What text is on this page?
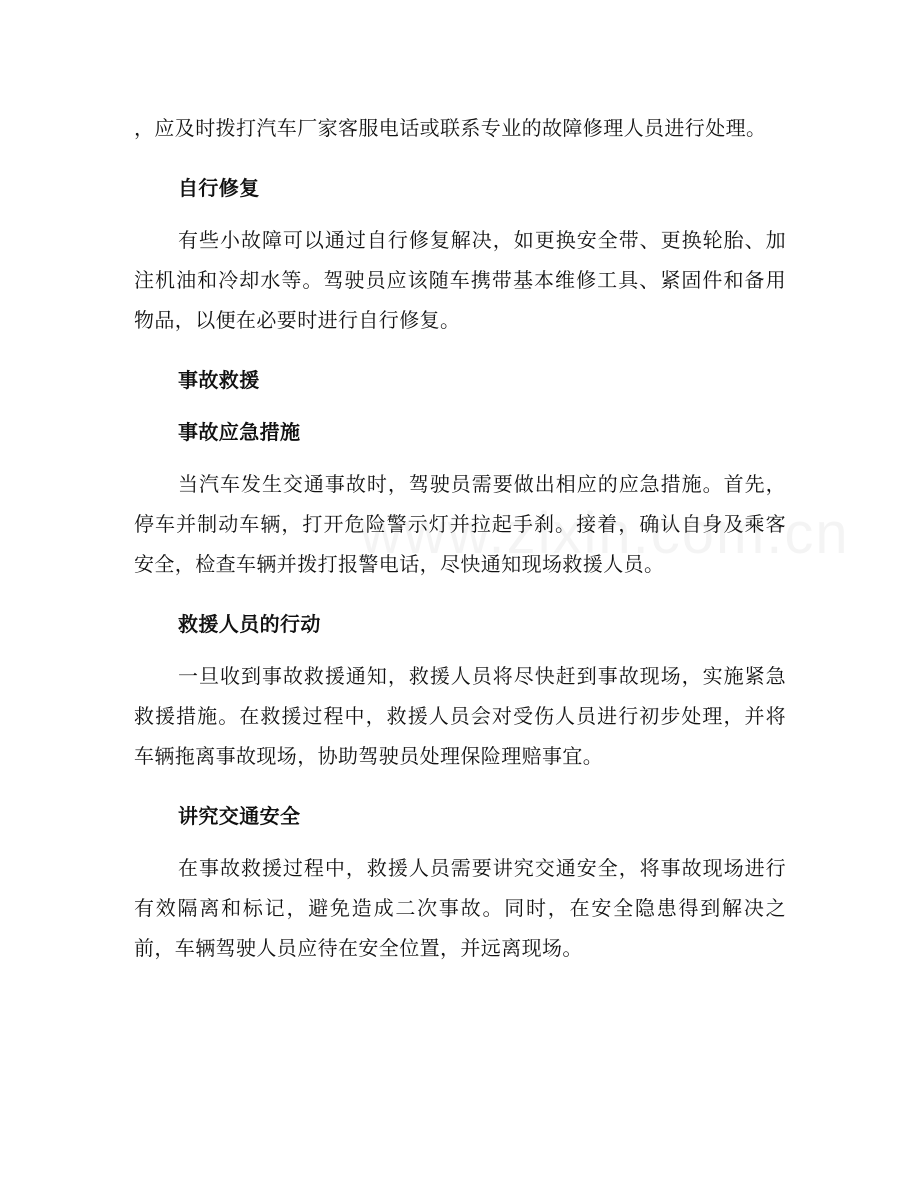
，应及时拨打汽车厂家客服电话或联系专业的故障修理人员进行处理。

自行修复

有些小故障可以通过自行修复解决，如更换安全带、更换轮胎、加注机油和冷却水等。驾驶员应该随车携带基本维修工具、紧固件和备用物品，以便在必要时进行自行修复。

事故救援
事故应急措施

当汽车发生交通事故时，驾驶员需要做出相应的应急措施。首先，停车并制动车辆，打开危险警示灯并拉起手刹。接着，确认自身及乘客安全，检查车辆并拨打报警电话，尽快通知现场救援人员。

救援人员的行动

一旦收到事故救援通知，救援人员将尽快赶到事故现场，实施紧急救援措施。在救援过程中，救援人员会对受伤人员进行初步处理，并将车辆拖离事故现场，协助驾驶员处理保险理赔事宜。

讲究交通安全

在事故救援过程中，救援人员需要讲究交通安全，将事故现场进行有效隔离和标记，避免造成二次事故。同时，在安全隐患得到解决之前，车辆驾驶人员应待在安全位置，并远离现场。
